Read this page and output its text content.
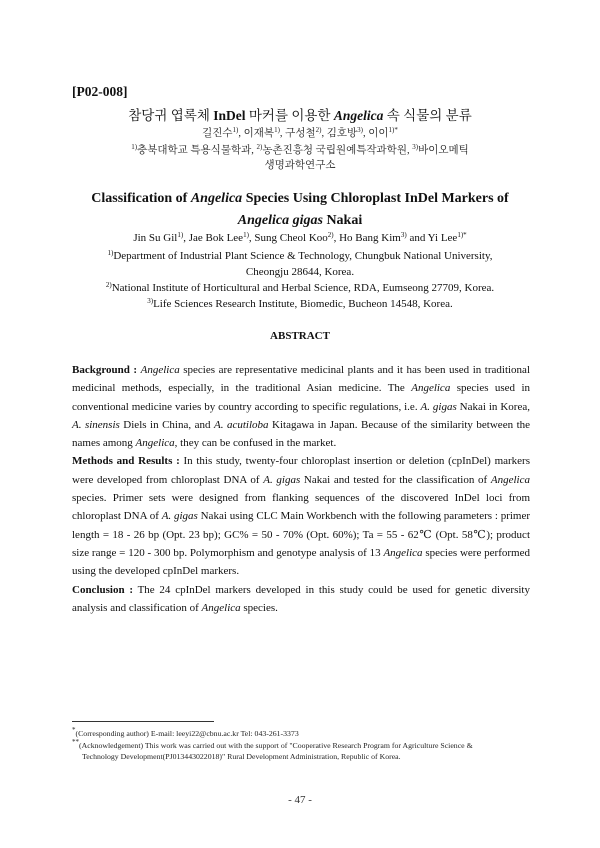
[P02-008]
참당귀 엽록체 InDel 마커를 이용한 Angelica 속 식물의 분류
길진수$^{1)}$, 이재복$^{1)}$, 구성철$^{2)}$, 김호방$^{3)}$, 이이$^{1)*}$
$^{1)}$충북대학교 특용식물학과, $^{2)}$농촌진흥청 국립원예특작과학원, $^{3)}$바이오메틱
생명과학연구소
Classification of Angelica Species Using Chloroplast InDel Markers of Angelica gigas Nakai
Jin Su Gil$^{1)}$, Jae Bok Lee$^{1)}$, Sung Cheol Koo$^{2)}$, Ho Bang Kim$^{3)}$ and Yi Lee$^{1)*}$
$^{1)}$Department of Industrial Plant Science & Technology, Chungbuk National University,
Cheongju 28644, Korea.
$^{2)}$National Institute of Horticultural and Herbal Science, RDA, Eumseong 27709, Korea.
$^{3)}$Life Sciences Research Institute, Biomedic, Bucheon 14548, Korea.
ABSTRACT

Background : Angelica species are representative medicinal plants and it has been used in traditional medicinal methods, especially, in the traditional Asian medicine. The Angelica species used in conventional medicine varies by country according to specific regulations, i.e. A. gigas Nakai in Korea, A. sinensis Diels in China, and A. acutiloba Kitagawa in Japan. Because of the similarity between the names among Angelica, they can be confused in the market.

Methods and Results : In this study, twenty-four chloroplast insertion or deletion (cpInDel) markers were developed from chloroplast DNA of A. gigas Nakai and tested for the classification of Angelica species. Primer sets were designed from flanking sequences of the discovered InDel loci from chloroplast DNA of A. gigas Nakai using CLC Main Workbench with the following parameters : primer length = 18 - 26 bp (Opt. 23 bp); GC% = 50 - 70% (Opt. 60%); Ta = 55 - 62℃ (Opt. 58℃); product size range = 120 - 300 bp. Polymorphism and genotype analysis of 13 Angelica species were performed using the developed cpInDel markers.

Conclusion : The 24 cpInDel markers developed in this study could be used for genetic diversity analysis and classification of Angelica species.

*(Corresponding author) E-mail: leeyi22@cbnu.ac.kr Tel: 043-261-3373
**(Acknowledgement) This work was carried out with the support of "Cooperative Research Program for Agriculture Science &
Technology Development(PJ013443022018)" Rural Development Administration, Republic of Korea.
- 47 -
